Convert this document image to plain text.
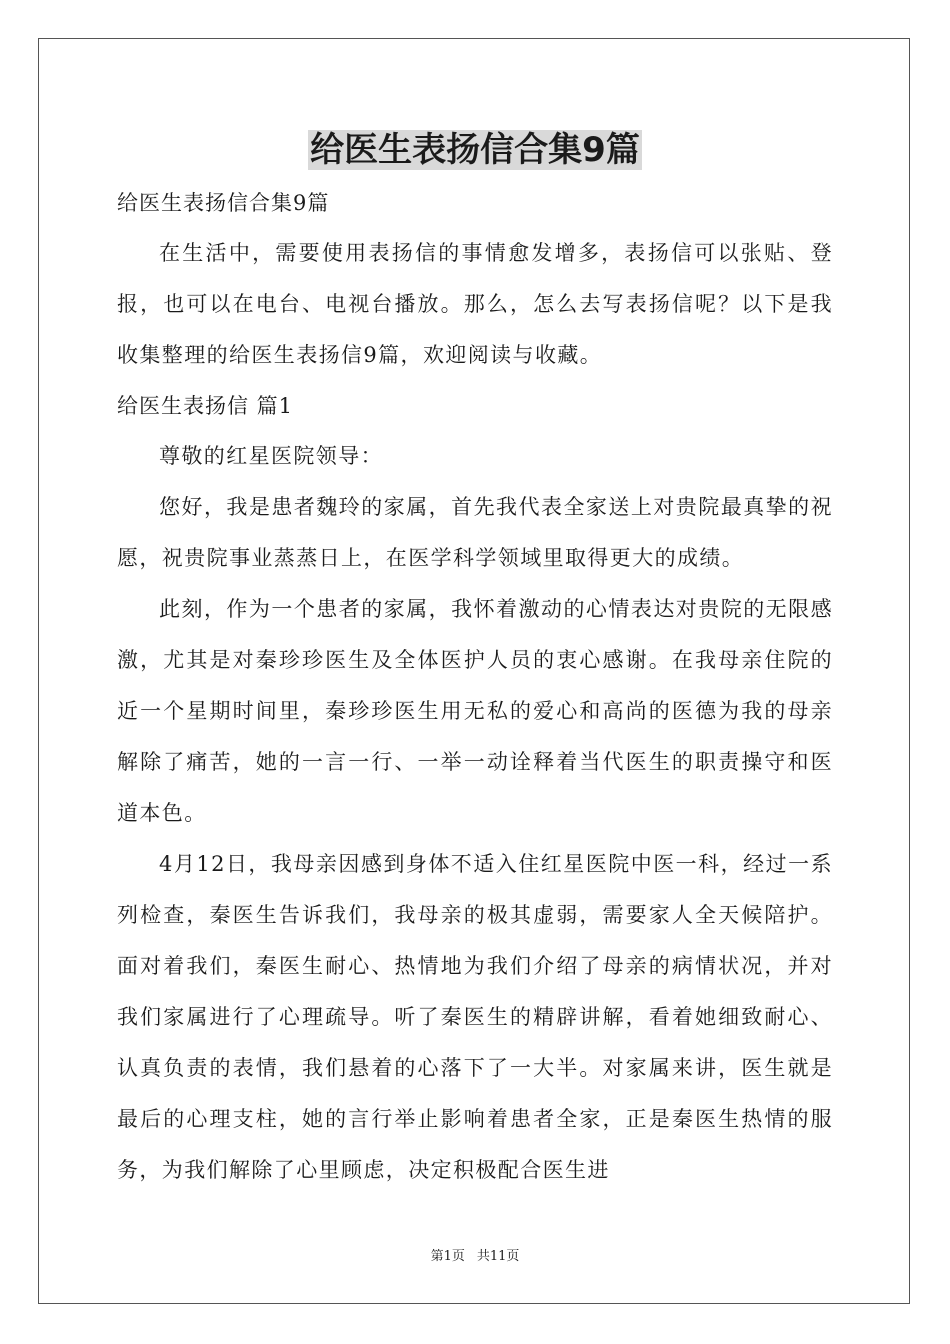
给医生表扬信合集9篇

给医生表扬信合集9篇

在生活中，需要使用表扬信的事情愈发增多，表扬信可以张贴、登报，也可以在电台、电视台播放。那么，怎么去写表扬信呢？以下是我收集整理的给医生表扬信9篇，欢迎阅读与收藏。

给医生表扬信 篇1

尊敬的红星医院领导：

您好，我是患者魏玲的家属，首先我代表全家送上对贵院最真挚的祝愿，祝贵院事业蒸蒸日上，在医学科学领域里取得更大的成绩。

此刻，作为一个患者的家属，我怀着激动的心情表达对贵院的无限感激，尤其是对秦珍珍医生及全体医护人员的衷心感谢。在我母亲住院的近一个星期时间里，秦珍珍医生用无私的爱心和高尚的医德为我的母亲解除了痛苦，她的一言一行、一举一动诠释着当代医生的职责操守和医道本色。

4月12日，我母亲因感到身体不适入住红星医院中医一科，经过一系列检查，秦医生告诉我们，我母亲的极其虚弱，需要家人全天候陪护。面对着我们，秦医生耐心、热情地为我们介绍了母亲的病情状况，并对我们家属进行了心理疏导。听了秦医生的精辟讲解，看着她细致耐心、认真负责的表情，我们悬着的心落下了一大半。对家属来讲，医生就是最后的心理支柱，她的言行举止影响着患者全家，正是秦医生热情的服务，为我们解除了心里顾虑，决定积极配合医生进

第1页 共11页
